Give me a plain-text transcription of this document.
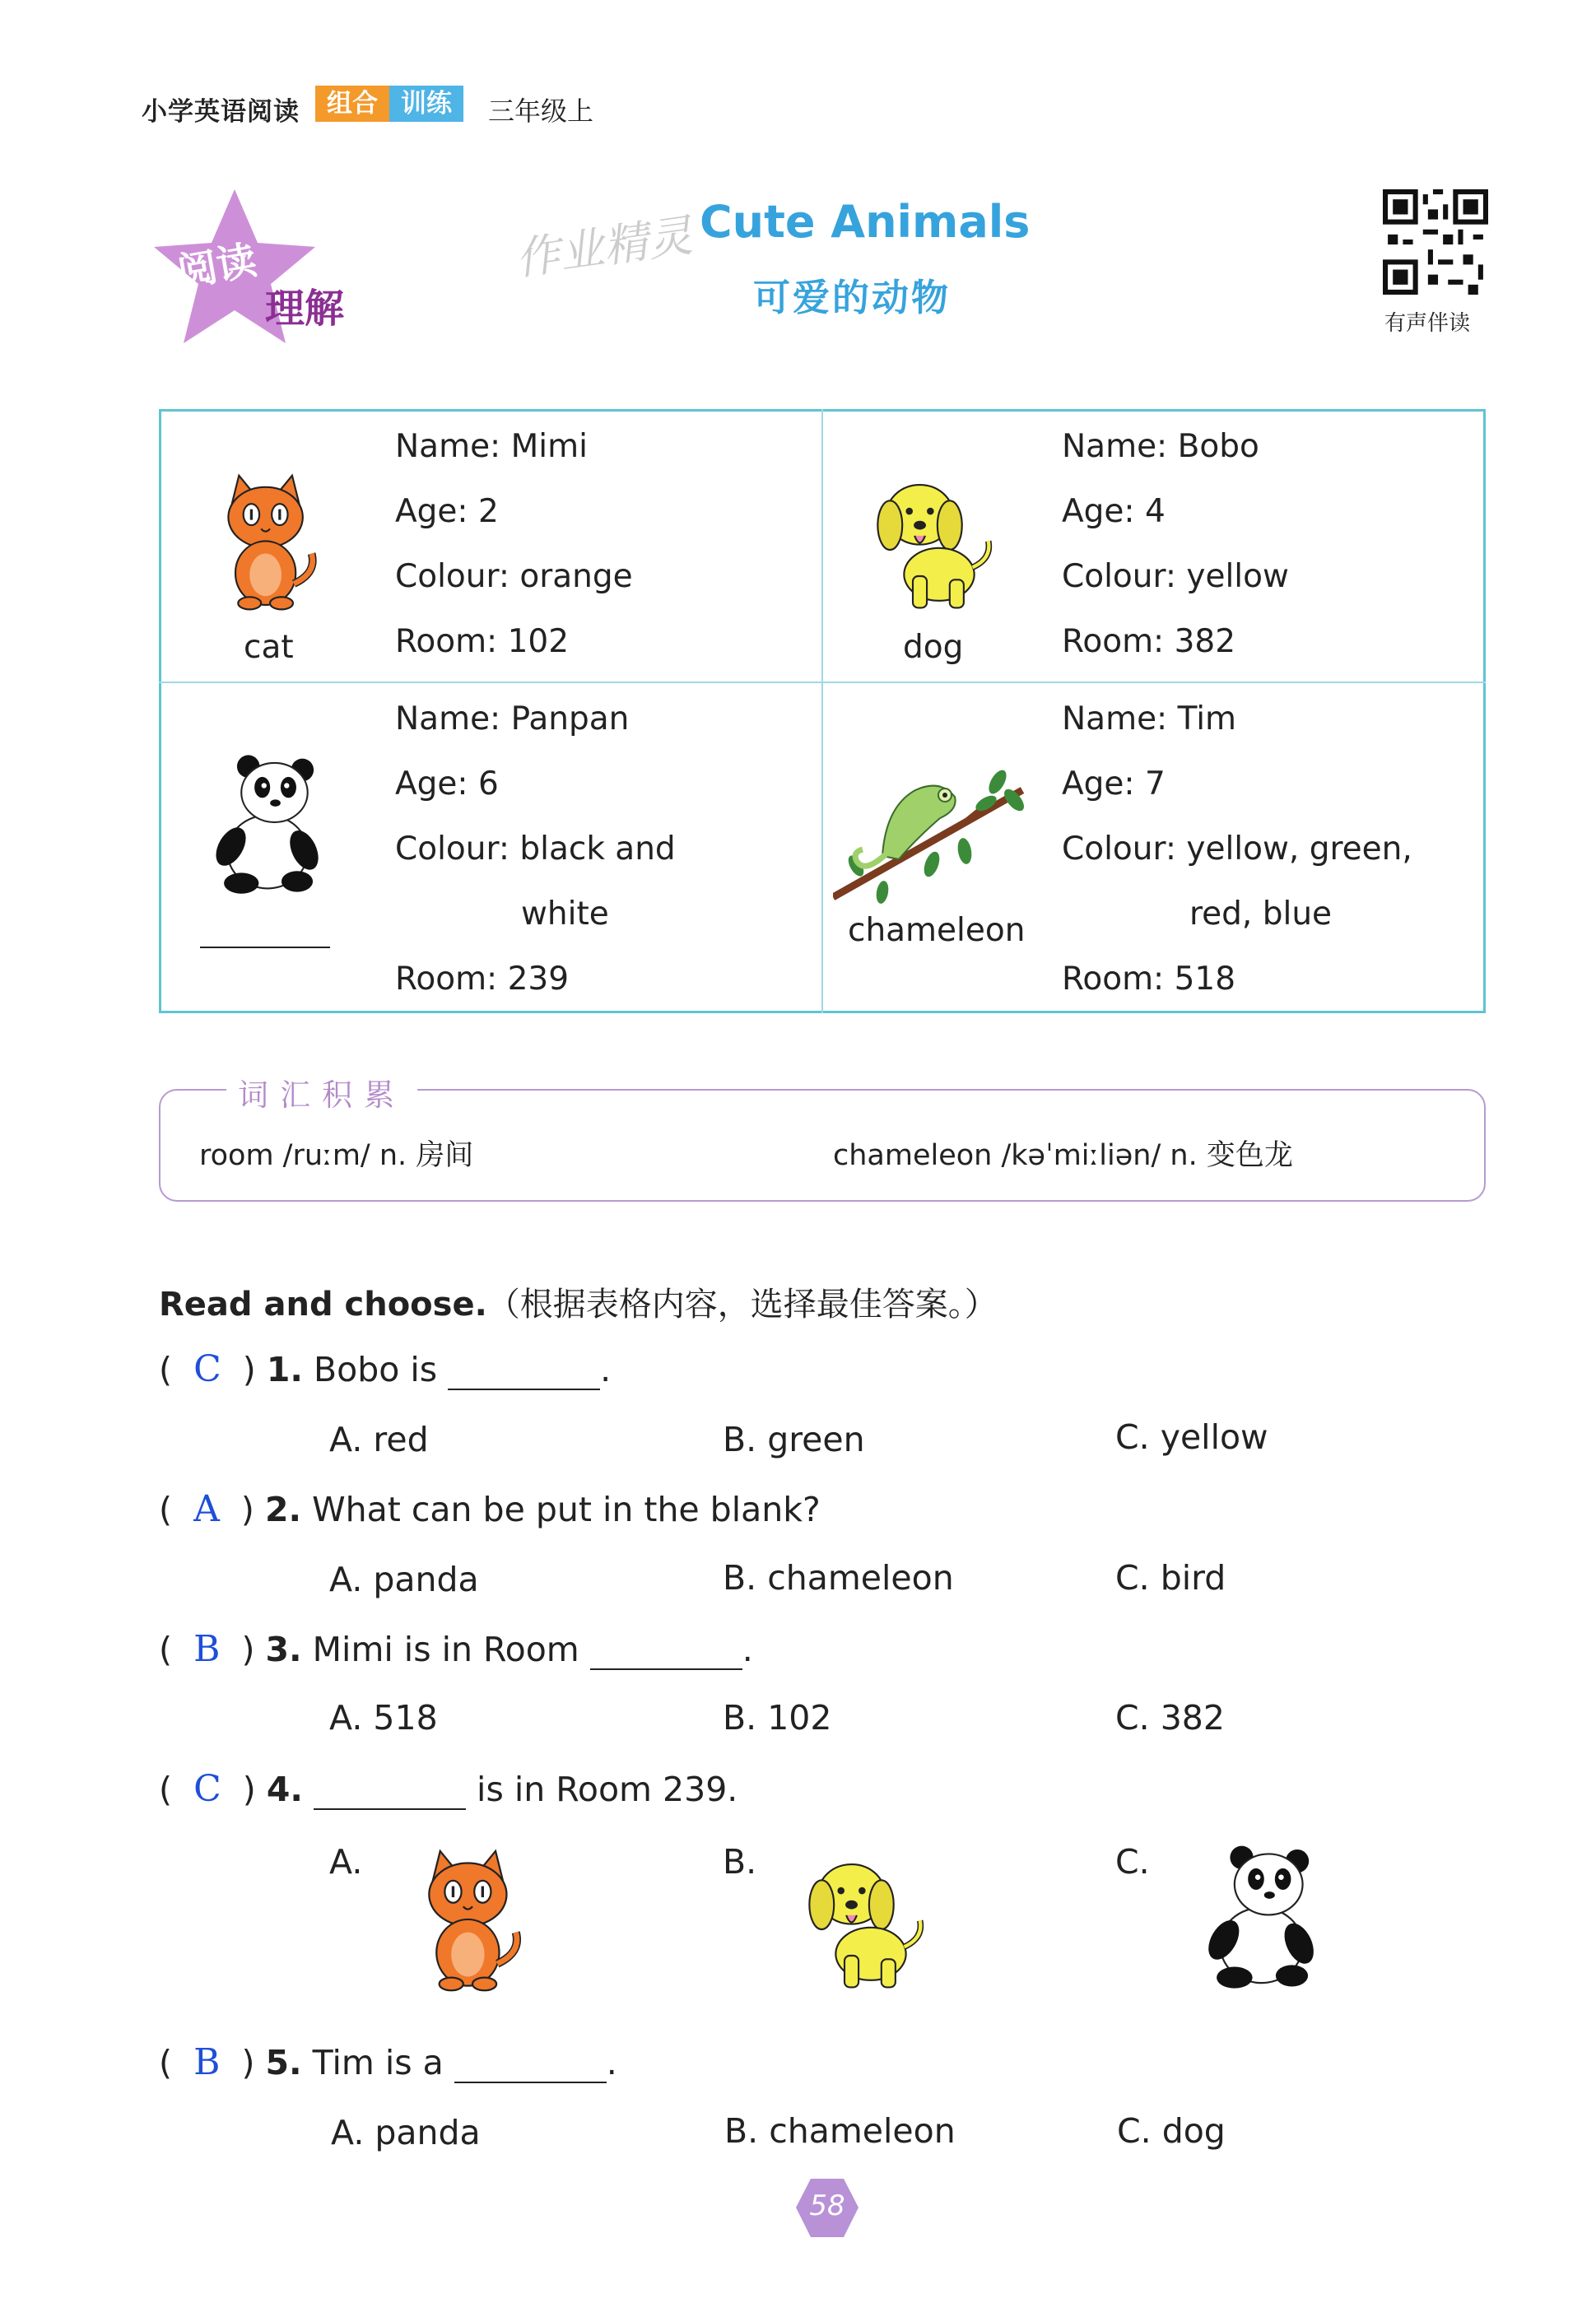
小学英语阅读	组合 训练	三年级上
阅读
理解
作业精灵 Cute Animals
可爱的动物
有声伴读
cat
Name: Mimi
Age: 2
Colour: orange
Room: 102	dog
Name: Bobo
Age: 4
Colour: yellow
Room: 382
Name: Panpan
Age: 6
Colour: black and
white
Room: 239
chameleon
Name: Tim
Age: 7
Colour: yellow, green,
red, blue
Room: 518
词汇积累
room /ruːm/ n. 房间	chameleon /kəˈmiːliən/ n. 变色龙
Read and choose.（根据表格内容，选择最佳答案。）
(  C  ) 1. Bobo is	.
A. red	B. green	C. yellow
(  A  ) 2. What can be put in the blank?
A. panda	B. chameleon	C. bird
(  B  ) 3. Mimi is in Room	.
A. 518	B. 102	C. 382
(  C  ) 4.	is in Room 239.
A.	B.	C.
(  B  ) 5. Tim is a	.
A. panda	B. chameleon	C. dog
58
